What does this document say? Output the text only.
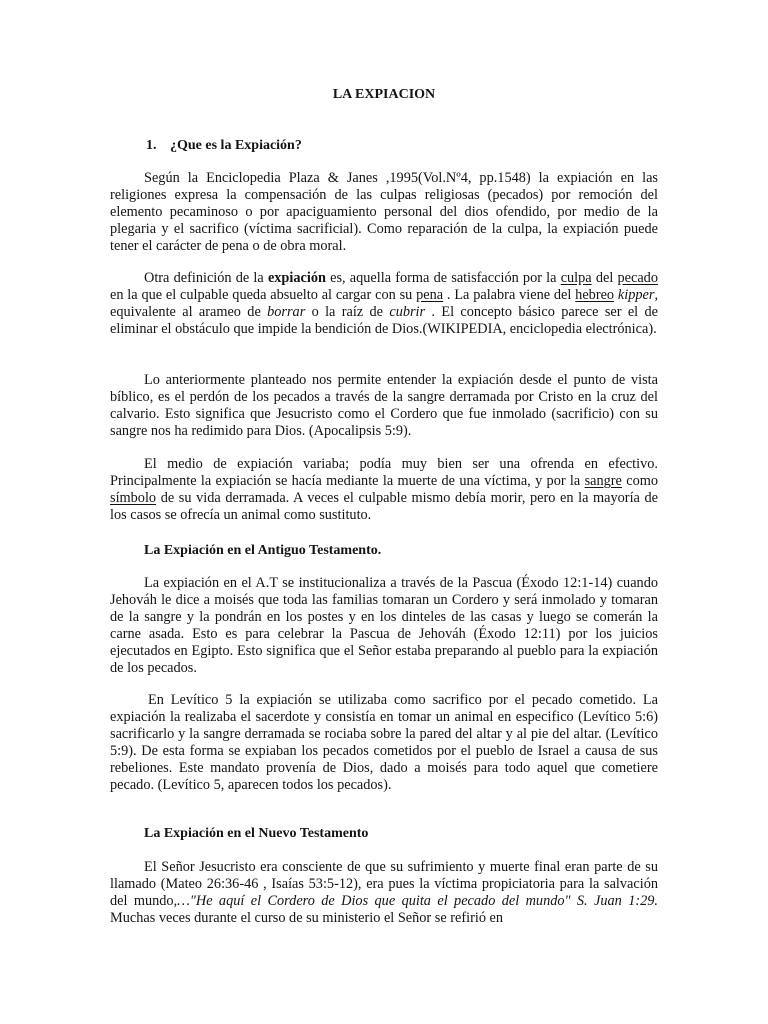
LA EXPIACION
1. ¿Que es la Expiación?
Según la Enciclopedia Plaza & Janes ,1995(Vol.Nº4, pp.1548) la expiación en las religiones expresa la compensación de las culpas religiosas (pecados) por remoción del elemento pecaminoso o por apaciguamiento personal del dios ofendido, por medio de la plegaria y el sacrifico (víctima sacrificial). Como reparación de la culpa, la expiación puede tener el carácter de pena o de obra moral.
Otra definición de la expiación es, aquella forma de satisfacción por la culpa del pecado en la que el culpable queda absuelto al cargar con su pena . La palabra viene del hebreo kipper, equivalente al arameo de borrar o la raíz de cubrir . El concepto básico parece ser el de eliminar el obstáculo que impide la bendición de Dios.(WIKIPEDIA, enciclopedia electrónica).
Lo anteriormente planteado nos permite entender la expiación desde el punto de vista bíblico, es el perdón de los pecados a través de la sangre derramada por Cristo en la cruz del calvario. Esto significa que Jesucristo como el Cordero que fue inmolado (sacrificio) con su sangre nos ha redimido para Dios. (Apocalipsis 5:9).
El medio de expiación variaba; podía muy bien ser una ofrenda en efectivo. Principalmente la expiación se hacía mediante la muerte de una víctima, y por la sangre como símbolo de su vida derramada. A veces el culpable mismo debía morir, pero en la mayoría de los casos se ofrecía un animal como sustituto.
La Expiación en el Antiguo Testamento.
La expiación en el A.T se institucionaliza a través de la Pascua (Éxodo 12:1-14) cuando Jehováh le dice a moisés que toda las familias tomaran un Cordero y será inmolado y tomaran de la sangre y la pondrán en los postes y en los dinteles de las casas y luego se comerán la carne asada. Esto es para celebrar la Pascua de Jehováh (Éxodo 12:11) por los juicios ejecutados en Egipto. Esto significa que el Señor estaba preparando al pueblo para la expiación de los pecados.
En Levítico 5 la expiación se utilizaba como sacrifico por el pecado cometido. La expiación la realizaba el sacerdote y consistía en tomar un animal en especifico (Levítico 5:6) sacrificarlo y la sangre derramada se rociaba sobre la pared del altar y al pie del altar. (Levítico 5:9). De esta forma se expiaban los pecados cometidos por el pueblo de Israel a causa de sus rebeliones. Este mandato provenía de Dios, dado a moisés para todo aquel que cometiere pecado. (Levítico 5, aparecen todos los pecados).
La Expiación en el Nuevo Testamento
El Señor Jesucristo era consciente de que su sufrimiento y muerte final eran parte de su llamado (Mateo 26:36-46 , Isaías 53:5-12), era pues la víctima propiciatoria para la salvación del mundo,…"He aquí el Cordero de Dios que quita el pecado del mundo" S. Juan 1:29. Muchas veces durante el curso de su ministerio el Señor se refirió en
